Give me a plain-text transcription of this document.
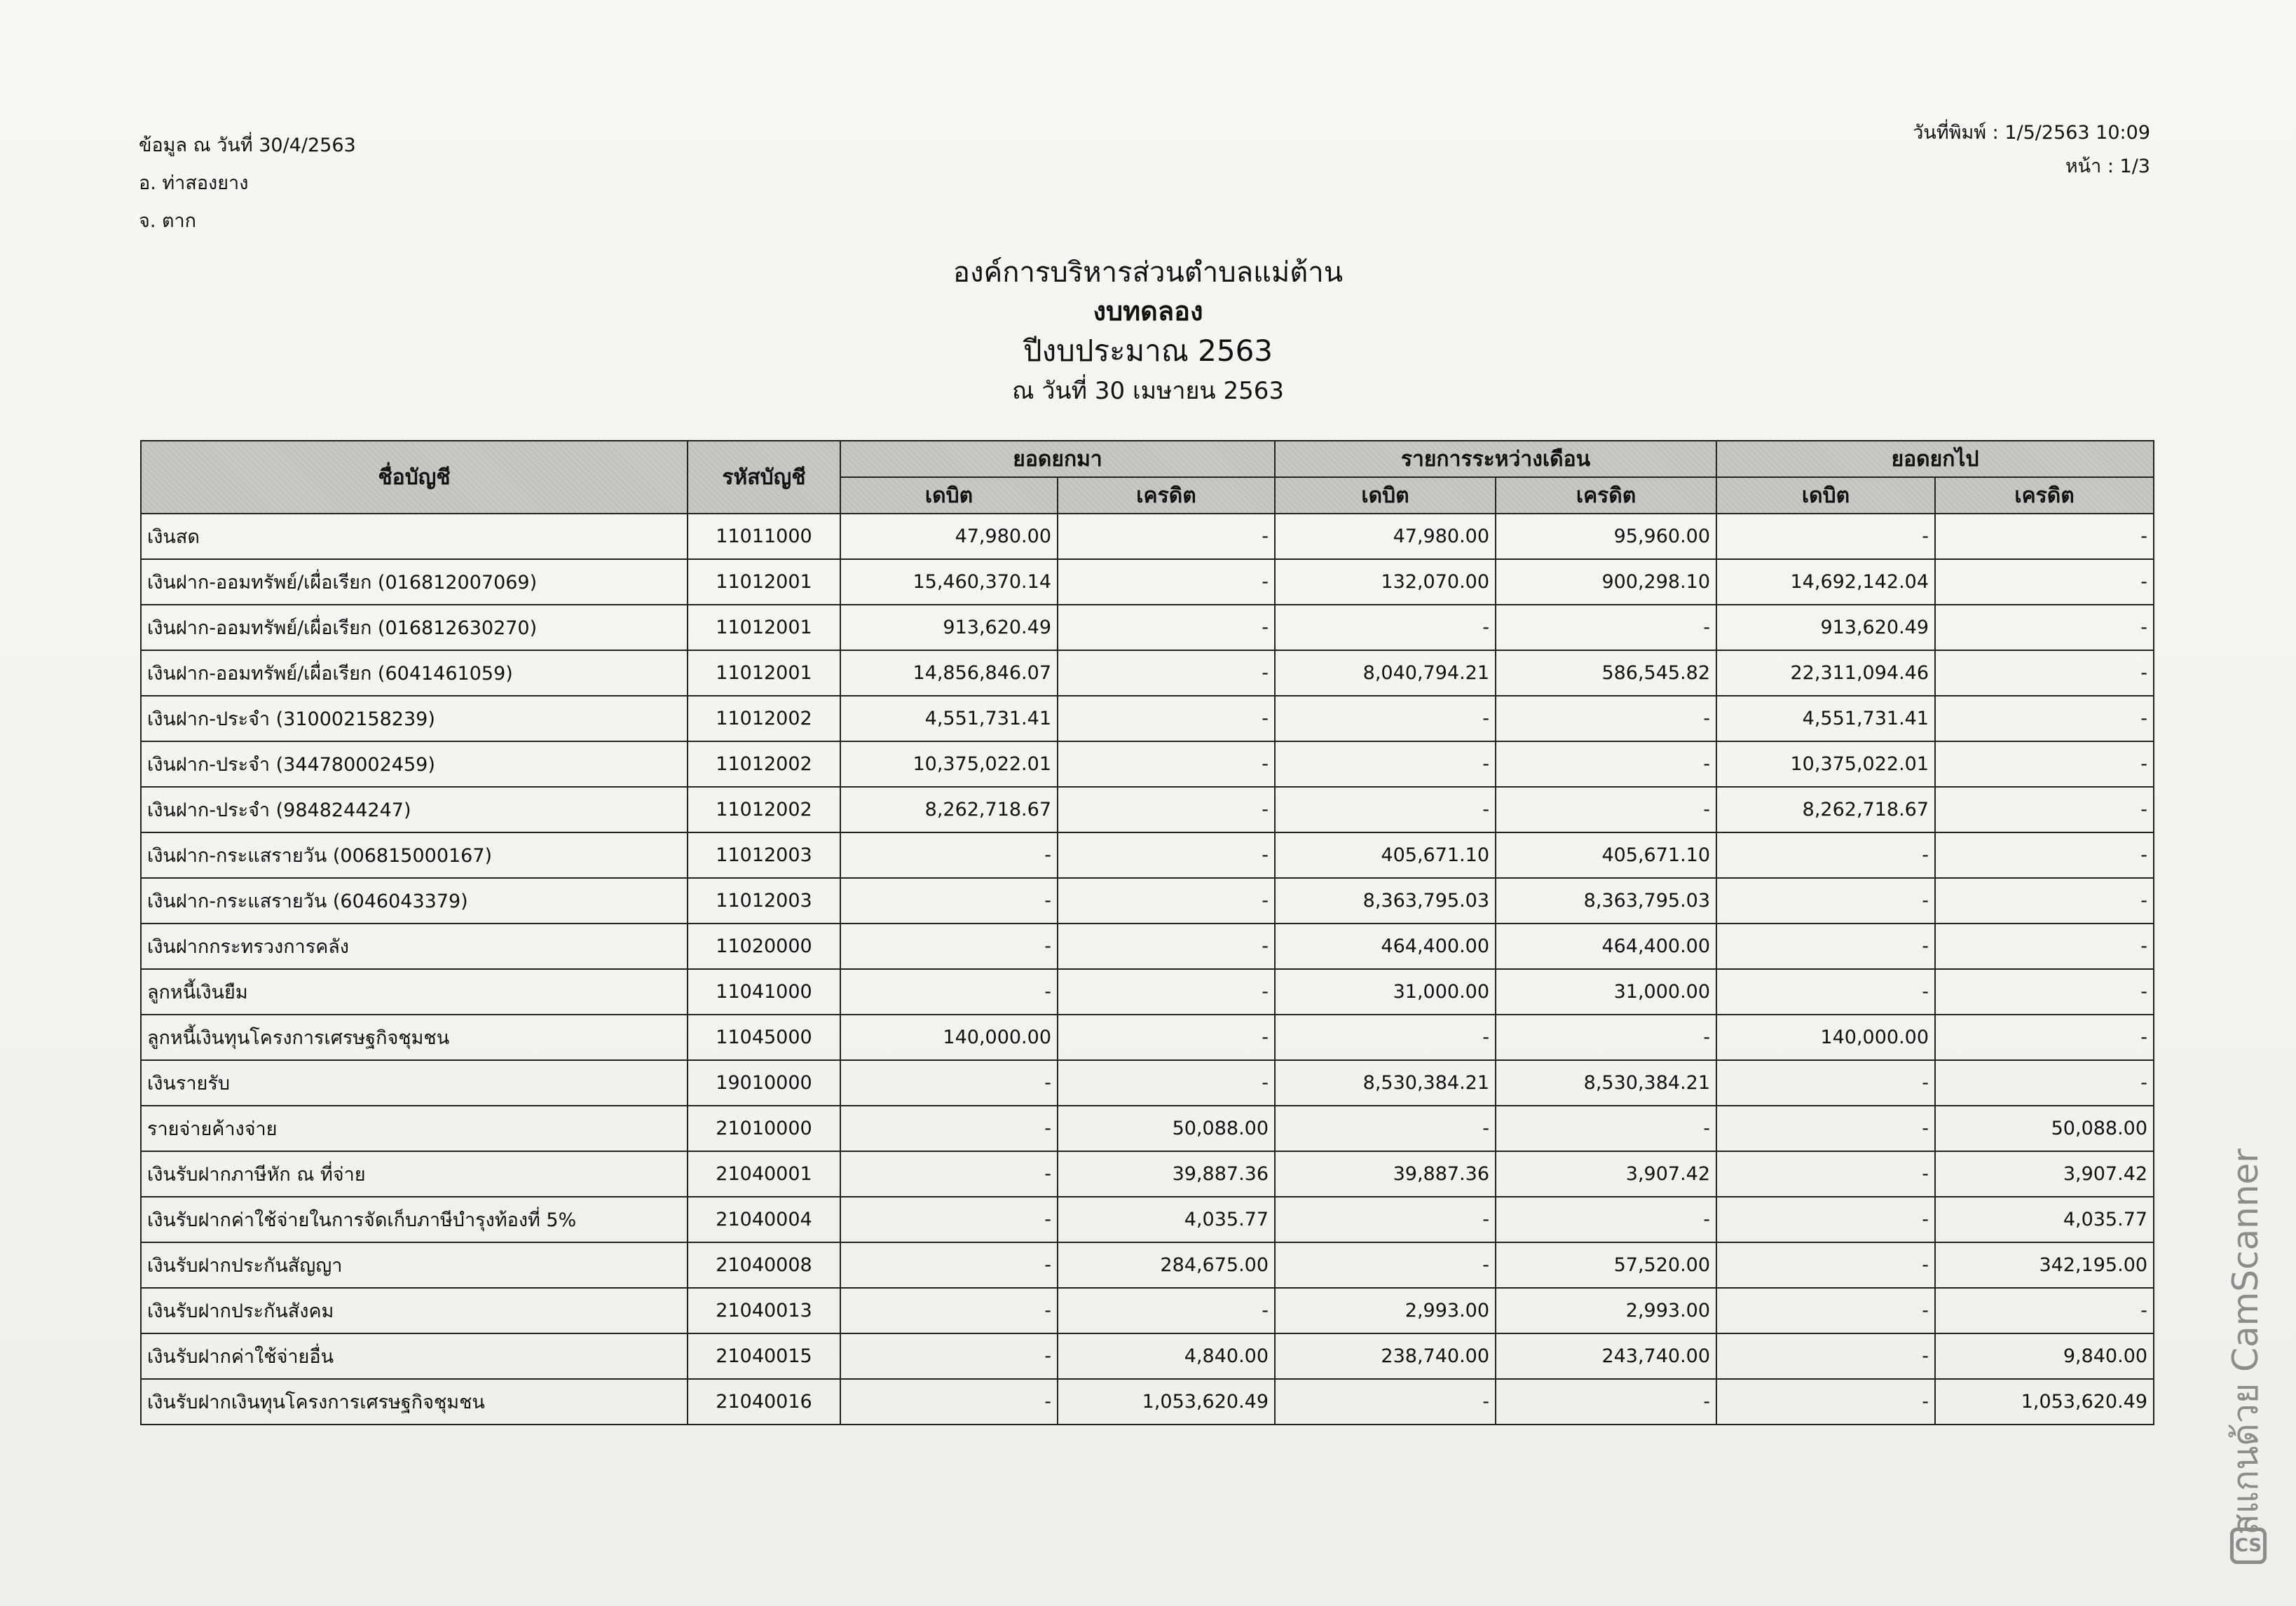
ข้อมูล ณ วันที่ 30/4/2563
อ. ท่าสองยาง
จ. ตาก
วันที่พิมพ์ : 1/5/2563 10:09
หน้า : 1/3
องค์การบริหารส่วนตำบลแม่ต้าน
งบทดลอง
ปีงบประมาณ 2563
ณ วันที่ 30 เมษายน 2563
ชื่อบัญชี	รหัสบัญชี	ยอดยกมา		รายการระหว่างเดือน		ยอดยกไป	
		เดบิต	เครดิต	เดบิต	เครดิต	เดบิต	เครดิต
เงินสด	11011000	47,980.00	-	47,980.00	95,960.00	-	-
เงินฝาก-ออมทรัพย์/เผื่อเรียก (016812007069)	11012001	15,460,370.14	-	132,070.00	900,298.10	14,692,142.04	-
เงินฝาก-ออมทรัพย์/เผื่อเรียก (016812630270)	11012001	913,620.49	-	-	-	913,620.49	-
เงินฝาก-ออมทรัพย์/เผื่อเรียก (6041461059)	11012001	14,856,846.07	-	8,040,794.21	586,545.82	22,311,094.46	-
เงินฝาก-ประจำ (310002158239)	11012002	4,551,731.41	-	-	-	4,551,731.41	-
เงินฝาก-ประจำ (344780002459)	11012002	10,375,022.01	-	-	-	10,375,022.01	-
เงินฝาก-ประจำ (9848244247)	11012002	8,262,718.67	-	-	-	8,262,718.67	-
เงินฝาก-กระแสรายวัน (006815000167)	11012003	-	-	405,671.10	405,671.10	-	-
เงินฝาก-กระแสรายวัน (6046043379)	11012003	-	-	8,363,795.03	8,363,795.03	-	-
เงินฝากกระทรวงการคลัง	11020000	-	-	464,400.00	464,400.00	-	-
ลูกหนี้เงินยืม	11041000	-	-	31,000.00	31,000.00	-	-
ลูกหนี้เงินทุนโครงการเศรษฐกิจชุมชน	11045000	140,000.00	-	-	-	140,000.00	-
เงินรายรับ	19010000	-	-	8,530,384.21	8,530,384.21	-	-
รายจ่ายค้างจ่าย	21010000	-	50,088.00	-	-	-	50,088.00
เงินรับฝากภาษีหัก ณ ที่จ่าย	21040001	-	39,887.36	39,887.36	3,907.42	-	3,907.42
เงินรับฝากค่าใช้จ่ายในการจัดเก็บภาษีบำรุงท้องที่ 5%	21040004	-	4,035.77	-	-	-	4,035.77
เงินรับฝากประกันสัญญา	21040008	-	284,675.00	-	57,520.00	-	342,195.00
เงินรับฝากประกันสังคม	21040013	-	-	2,993.00	2,993.00	-	-
เงินรับฝากค่าใช้จ่ายอื่น	21040015	-	4,840.00	238,740.00	243,740.00	-	9,840.00
เงินรับฝากเงินทุนโครงการเศรษฐกิจชุมชน	21040016	-	1,053,620.49	-	-	-	1,053,620.49 สแกนด้วย CamScanner
CS
